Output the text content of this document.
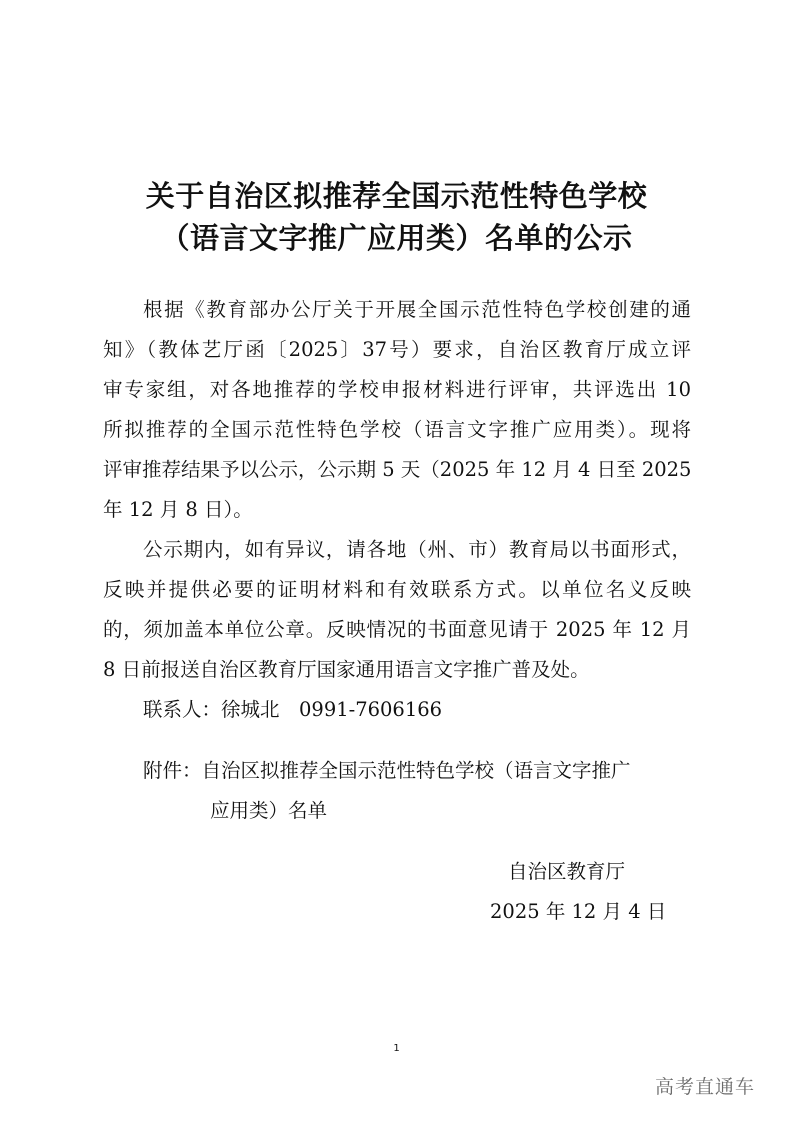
关于自治区拟推荐全国示范性特色学校
（语言文字推广应用类）名单的公示
根据《教育部办公厅关于开展全国示范性特色学校创建的通
知》（教体艺厅函〔2025〕37号）要求，自治区教育厅成立评
审专家组，对各地推荐的学校申报材料进行评审，共评选出 10
所拟推荐的全国示范性特色学校（语言文字推广应用类）。现将
评审推荐结果予以公示，公示期 5 天（2025 年 12 月 4 日至 2025
年 12 月 8 日）。
公示期内，如有异议，请各地（州、市）教育局以书面形式，
反映并提供必要的证明材料和有效联系方式。以单位名义反映
的，须加盖本单位公章。反映情况的书面意见请于 2025 年 12 月
8 日前报送自治区教育厅国家通用语言文字推广普及处。
联系人：徐城北　0991-7606166
附件：自治区拟推荐全国示范性特色学校（语言文字推广
应用类）名单
自治区教育厅
2025 年 12 月 4 日
1
高考直通车
